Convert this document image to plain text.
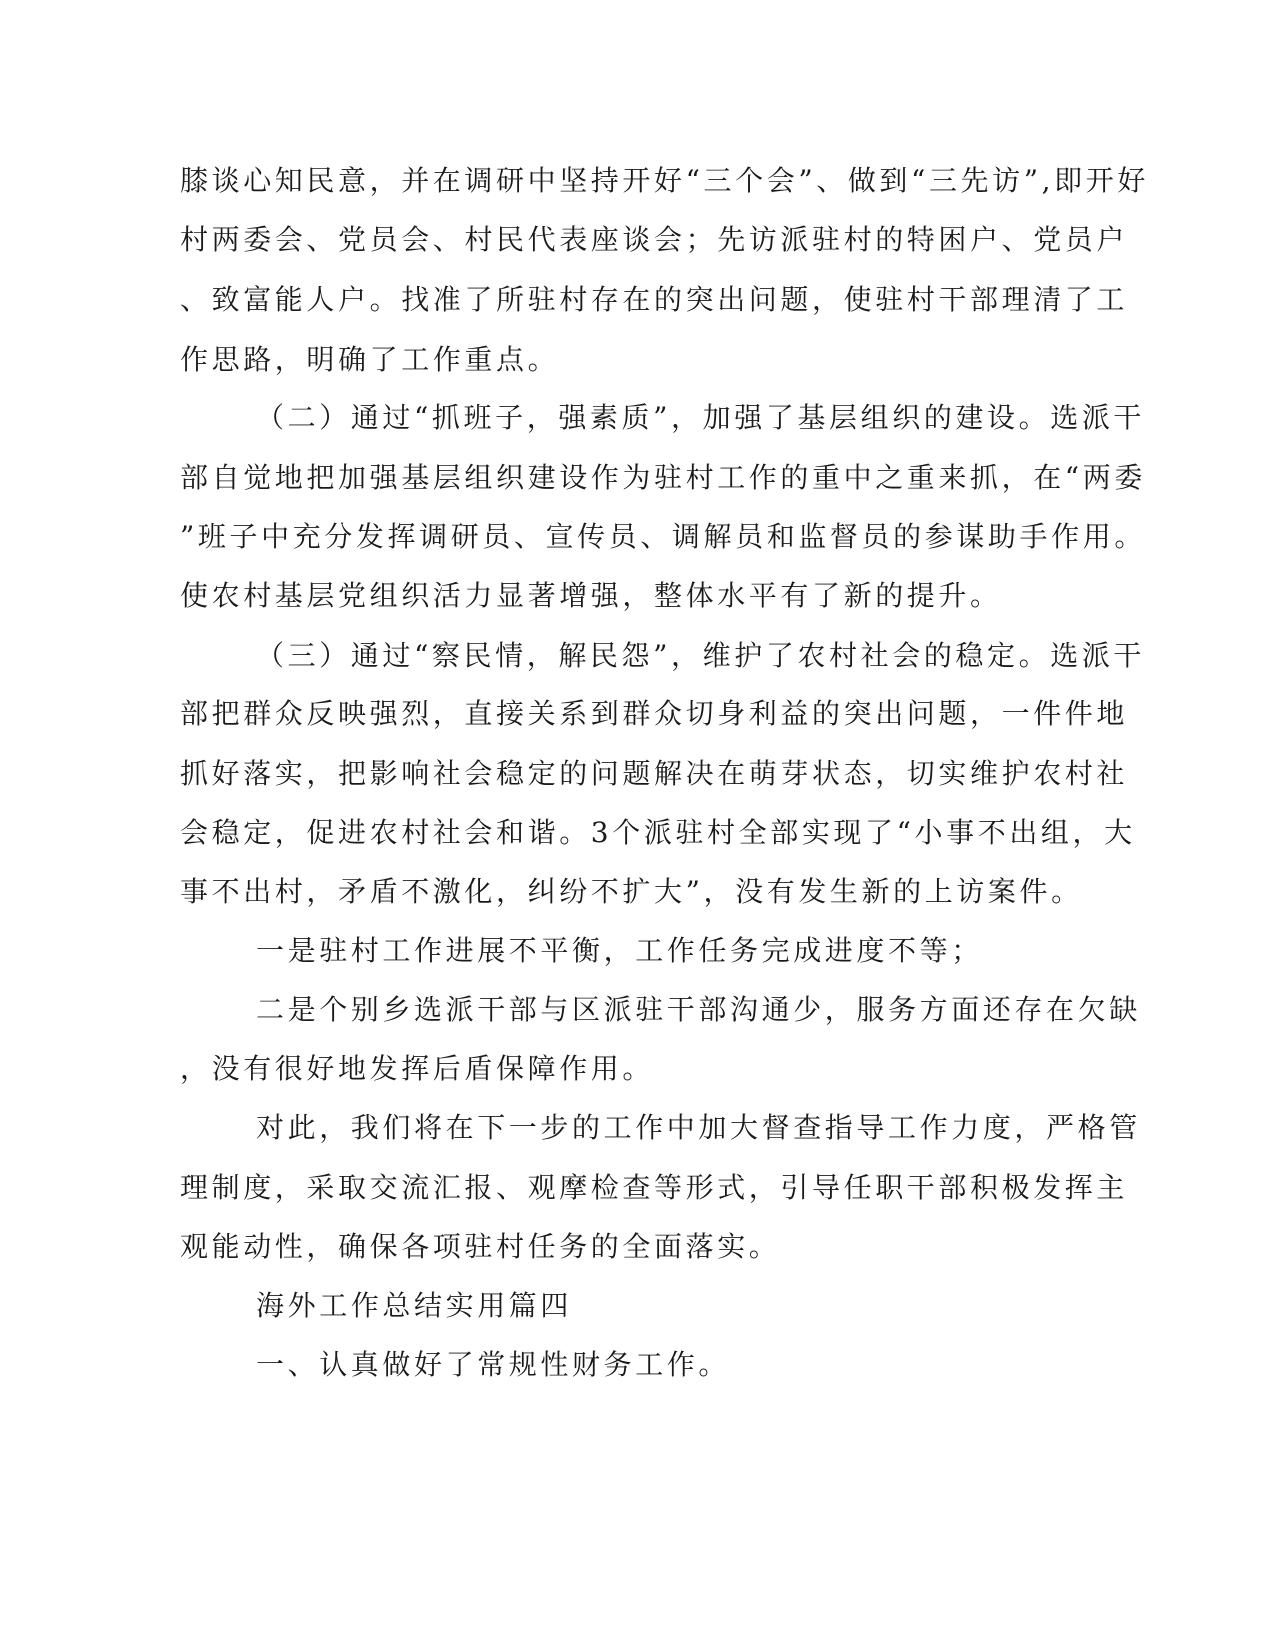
膝谈心知民意，并在调研中坚持开好“三个会”、做到“三先访”,即开好
村两委会、党员会、村民代表座谈会；先访派驻村的特困户、党员户
、致富能人户。找准了所驻村存在的突出问题，使驻村干部理清了工
作思路，明确了工作重点。
（二）通过“抓班子，强素质”，加强了基层组织的建设。选派干
部自觉地把加强基层组织建设作为驻村工作的重中之重来抓，在“两委
”班子中充分发挥调研员、宣传员、调解员和监督员的参谋助手作用。
使农村基层党组织活力显著增强，整体水平有了新的提升。
（三）通过“察民情，解民怨”，维护了农村社会的稳定。选派干
部把群众反映强烈，直接关系到群众切身利益的突出问题，一件件地
抓好落实，把影响社会稳定的问题解决在萌芽状态，切实维护农村社
会稳定，促进农村社会和谐。3个派驻村全部实现了“小事不出组，大
事不出村，矛盾不激化，纠纷不扩大”，没有发生新的上访案件。
一是驻村工作进展不平衡，工作任务完成进度不等；
二是个别乡选派干部与区派驻干部沟通少，服务方面还存在欠缺
，没有很好地发挥后盾保障作用。
对此，我们将在下一步的工作中加大督查指导工作力度，严格管
理制度，采取交流汇报、观摩检查等形式，引导任职干部积极发挥主
观能动性，确保各项驻村任务的全面落实。
海外工作总结实用篇四
一、认真做好了常规性财务工作。
